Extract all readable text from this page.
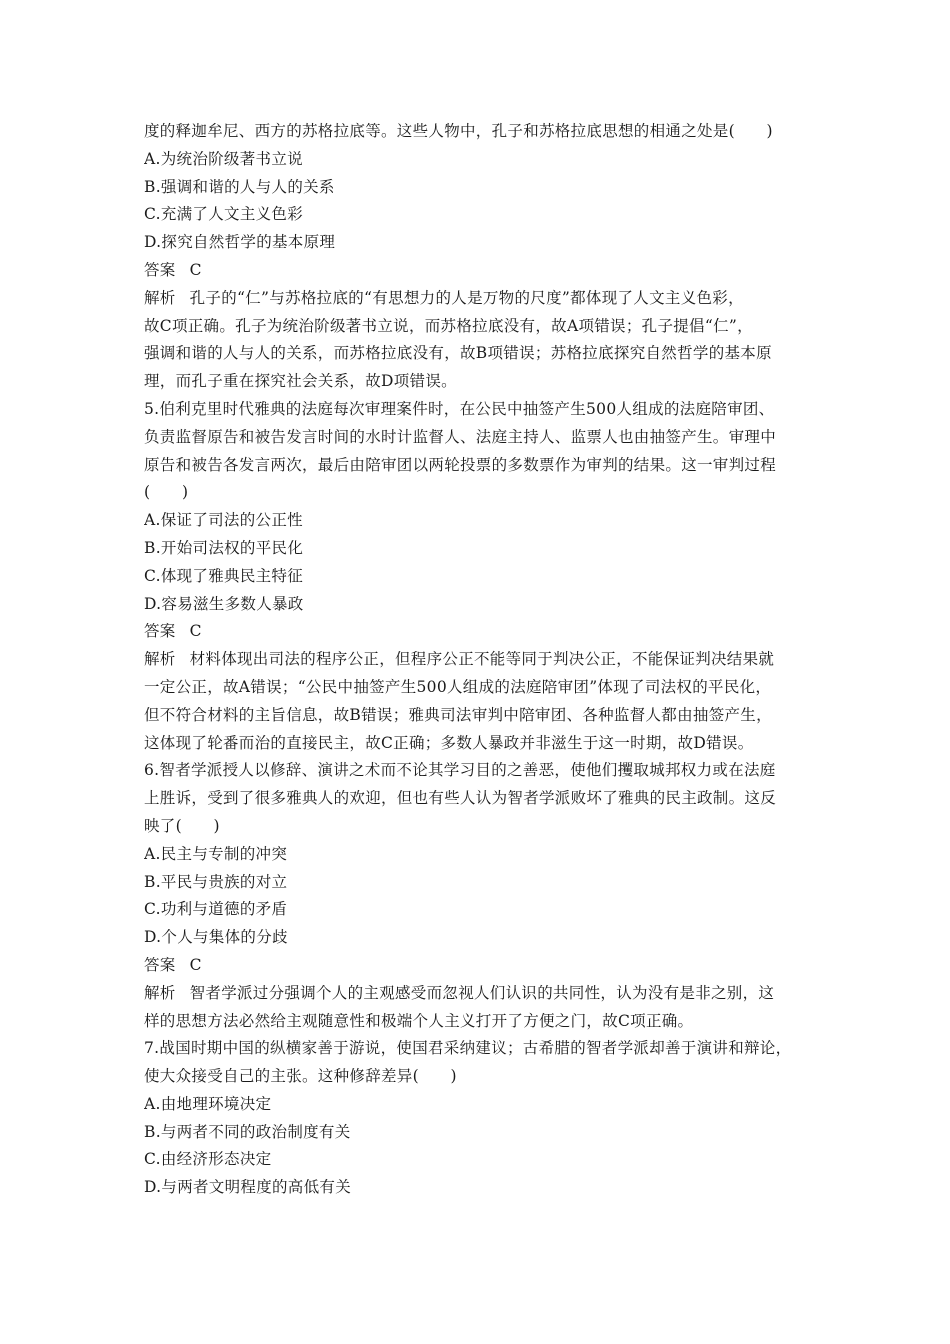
度的释迦牟尼、西方的苏格拉底等。这些人物中，孔子和苏格拉底思想的相通之处是(　　)
A.为统治阶级著书立说
B.强调和谐的人与人的关系
C.充满了人文主义色彩
D.探究自然哲学的基本原理
答案 C
解析 孔子的“仁”与苏格拉底的“有思想力的人是万物的尺度”都体现了人文主义色彩，
故C项正确。孔子为统治阶级著书立说，而苏格拉底没有，故A项错误；孔子提倡“仁”，
强调和谐的人与人的关系，而苏格拉底没有，故B项错误；苏格拉底探究自然哲学的基本原
理，而孔子重在探究社会关系，故D项错误。
5.伯利克里时代雅典的法庭每次审理案件时，在公民中抽签产生500人组成的法庭陪审团、
负责监督原告和被告发言时间的水时计监督人、法庭主持人、监票人也由抽签产生。审理中
原告和被告各发言两次，最后由陪审团以两轮投票的多数票作为审判的结果。这一审判过程
(　　)
A.保证了司法的公正性
B.开始司法权的平民化
C.体现了雅典民主特征
D.容易滋生多数人暴政
答案 C
解析 材料体现出司法的程序公正，但程序公正不能等同于判决公正，不能保证判决结果就
一定公正，故A错误；“公民中抽签产生500人组成的法庭陪审团”体现了司法权的平民化，
但不符合材料的主旨信息，故B错误；雅典司法审判中陪审团、各种监督人都由抽签产生，
这体现了轮番而治的直接民主，故C正确；多数人暴政并非滋生于这一时期，故D错误。
6.智者学派授人以修辞、演讲之术而不论其学习目的之善恶，使他们攫取城邦权力或在法庭
上胜诉，受到了很多雅典人的欢迎，但也有些人认为智者学派败坏了雅典的民主政制。这反
映了(　　)
A.民主与专制的冲突
B.平民与贵族的对立
C.功利与道德的矛盾
D.个人与集体的分歧
答案 C
解析 智者学派过分强调个人的主观感受而忽视人们认识的共同性，认为没有是非之别，这
样的思想方法必然给主观随意性和极端个人主义打开了方便之门，故C项正确。
7.战国时期中国的纵横家善于游说，使国君采纳建议；古希腊的智者学派却善于演讲和辩论，
使大众接受自己的主张。这种修辞差异(　　)
A.由地理环境决定
B.与两者不同的政治制度有关
C.由经济形态决定
D.与两者文明程度的高低有关
